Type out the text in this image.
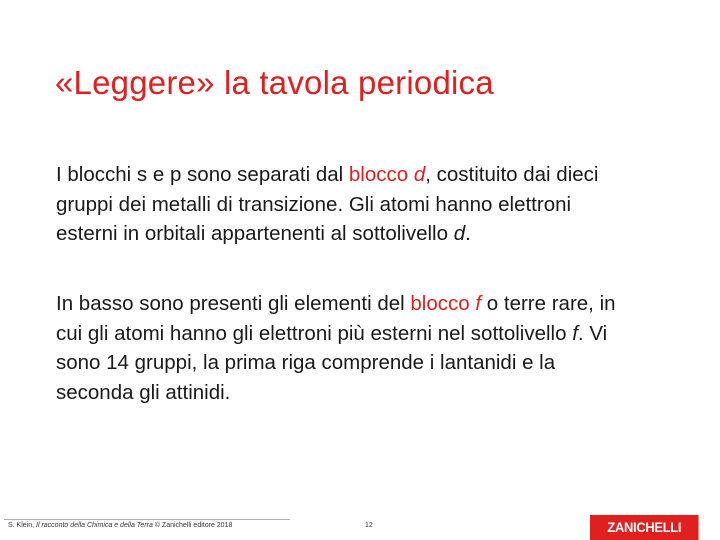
«Leggere» la tavola periodica

I blocchi s e p sono separati dal blocco d, costituito dai dieci gruppi dei metalli di transizione. Gli atomi hanno elettroni esterni in orbitali appartenenti al sottolivello d.

In basso sono presenti gli elementi del blocco f o terre rare, in cui gli atomi hanno gli elettroni più esterni nel sottolivello f. Vi sono 14 gruppi, la prima riga comprende i lantanidi e la seconda gli attinidi.

S. Klein, Il racconto della Chimica e della Terra © Zanichelli editore 2018	12	ZANICHELLI
